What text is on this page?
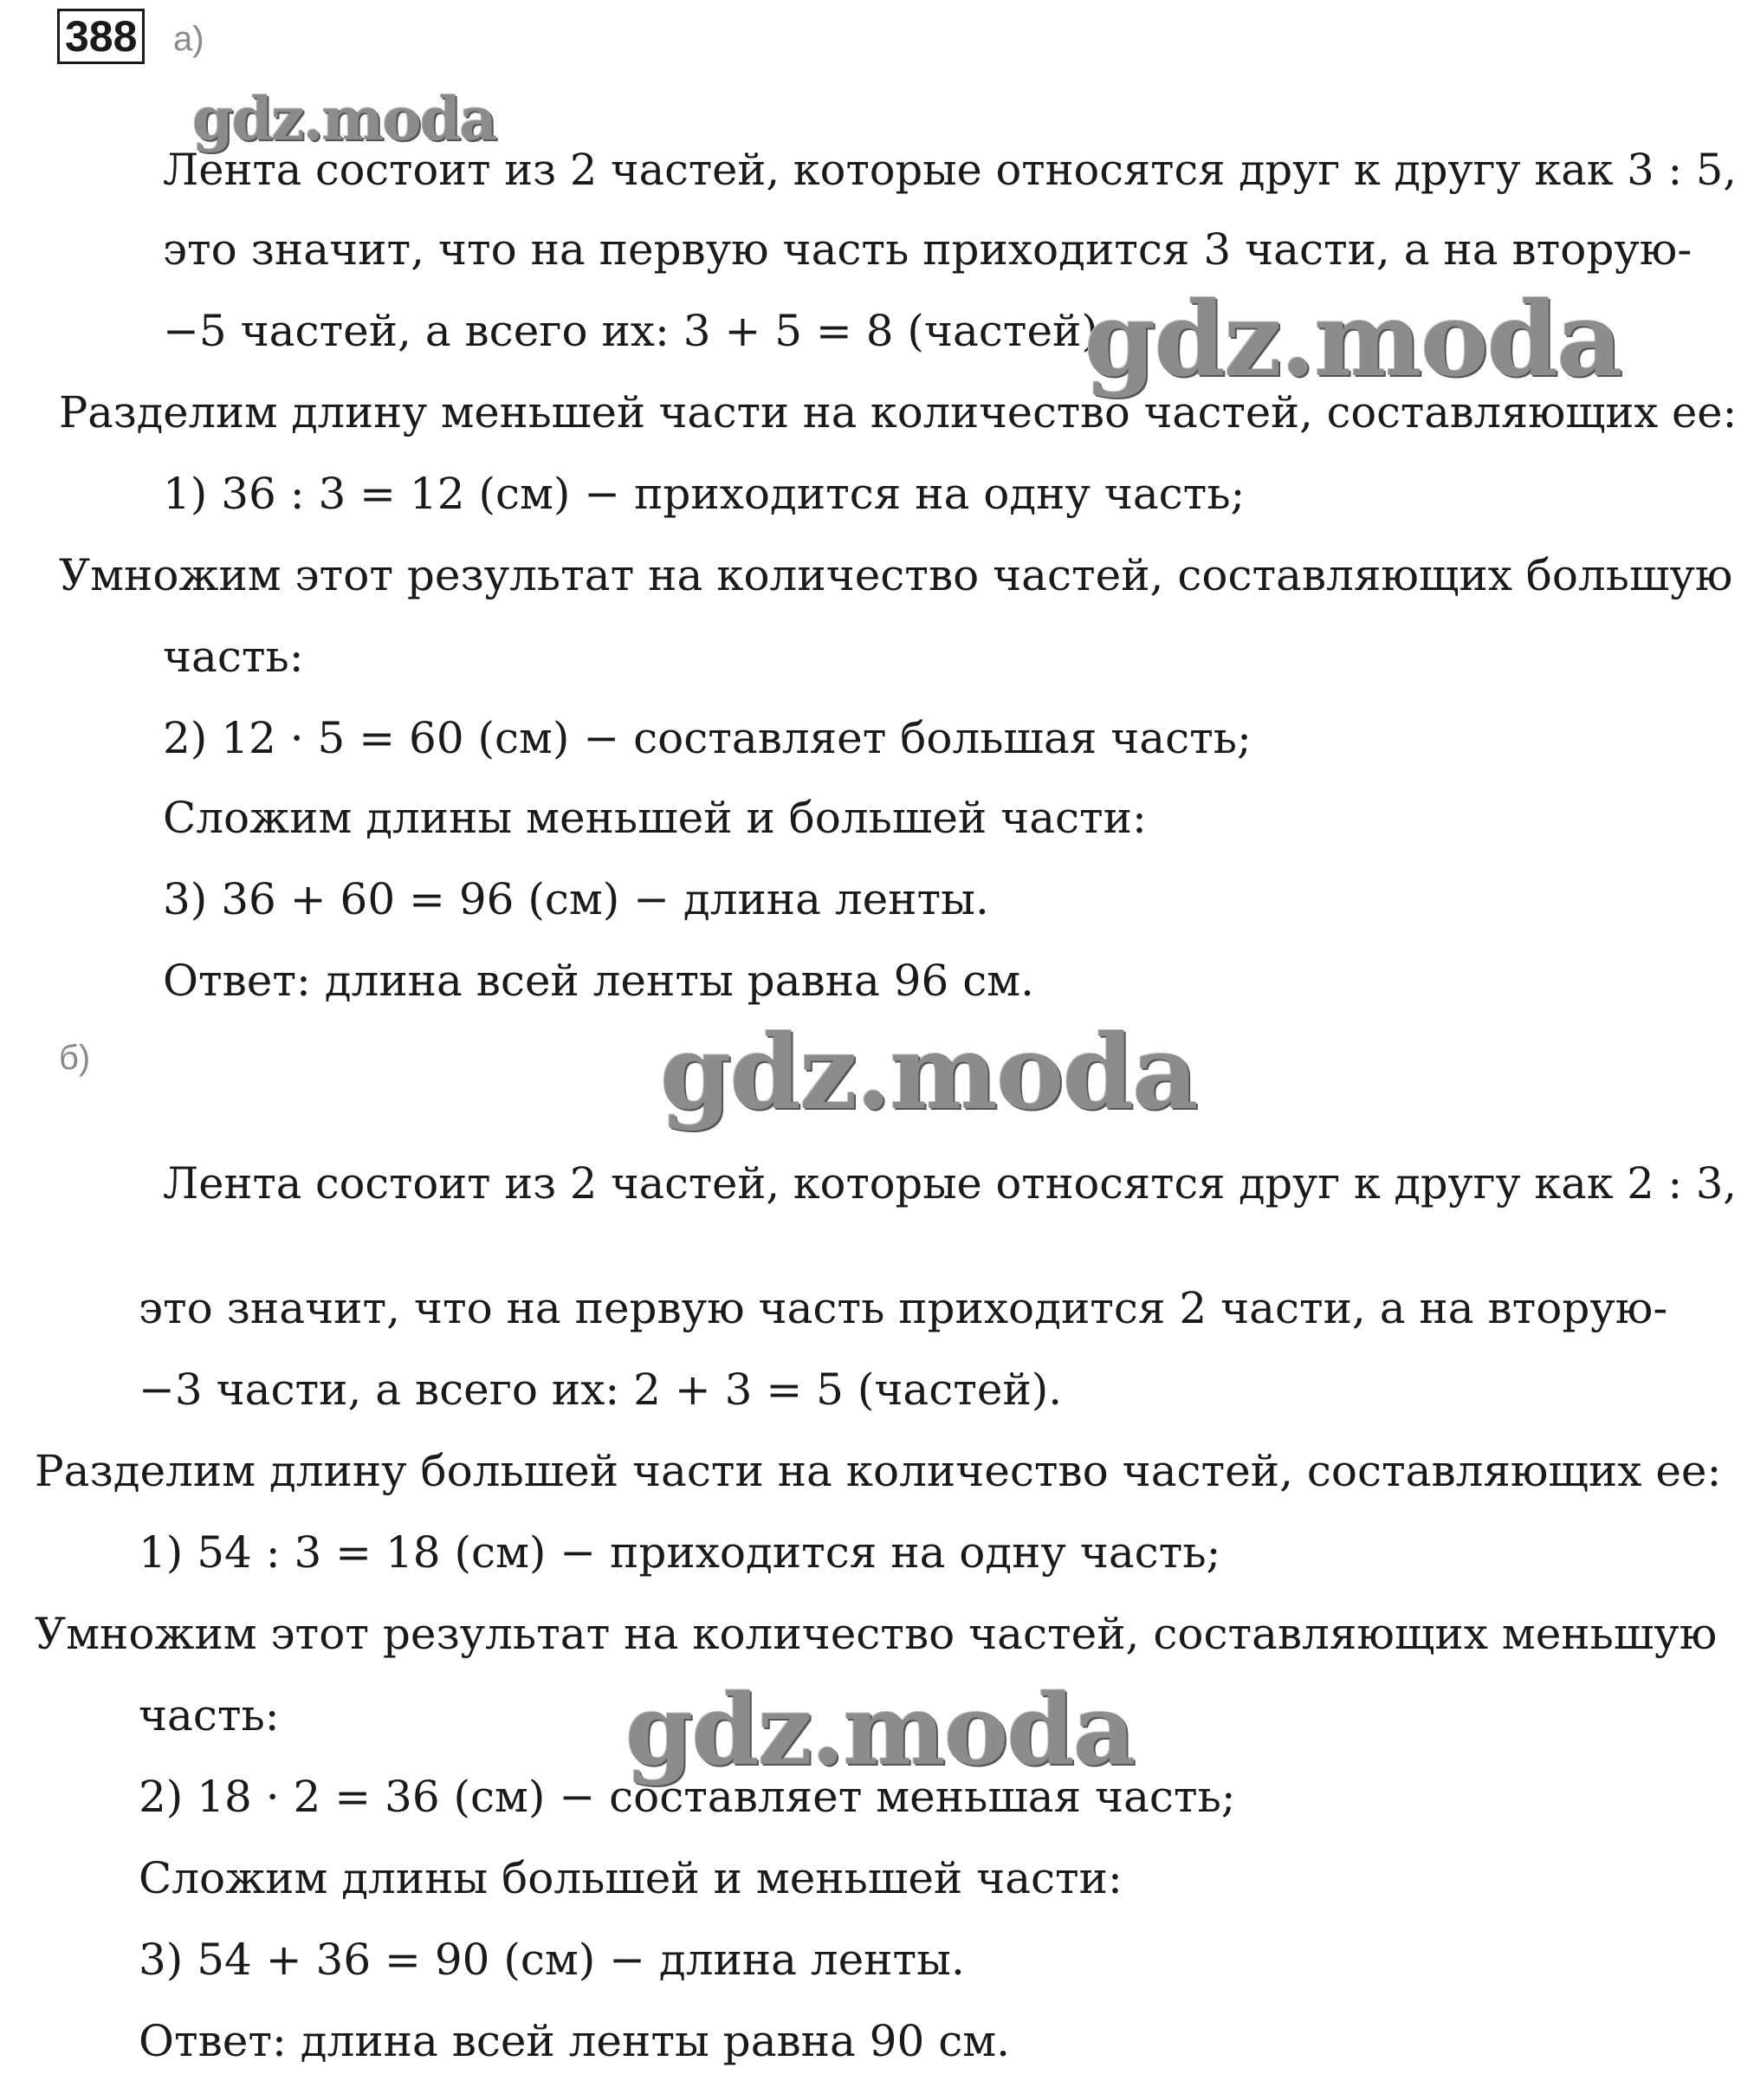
388 а)
gdz.moda
Лента состоит из 2 частей, которые относятся друг к другу как 3 : 5,
это значит, что на первую часть приходится 3 части, а на вторую-
−5 частей, а всего их: 3 + 5 = 8 (частей).
gdz.moda
Разделим длину меньшей части на количество частей, составляющих ее:
1) 36 : 3 = 12 (см) − приходится на одну часть;
Умножим этот результат на количество частей, составляющих большую
часть:
2) 12 · 5 = 60 (см) − составляет большая часть;
Сложим длины меньшей и большей части:
3) 36 + 60 = 96 (см) − длина ленты.
Ответ: длина всей ленты равна 96 см.
б)	gdz.moda
Лента состоит из 2 частей, которые относятся друг к другу как 2 : 3,
это значит, что на первую часть приходится 2 части, а на вторую-
−3 части, а всего их: 2 + 3 = 5 (частей).
Разделим длину большей части на количество частей, составляющих ее:
1) 54 : 3 = 18 (см) − приходится на одну часть;
Умножим этот результат на количество частей, составляющих меньшую
gdz.moda
часть:
2) 18 · 2 = 36 (см) − составляет меньшая часть;
Сложим длины большей и меньшей части:
3) 54 + 36 = 90 (см) − длина ленты.
Ответ: длина всей ленты равна 90 см.
